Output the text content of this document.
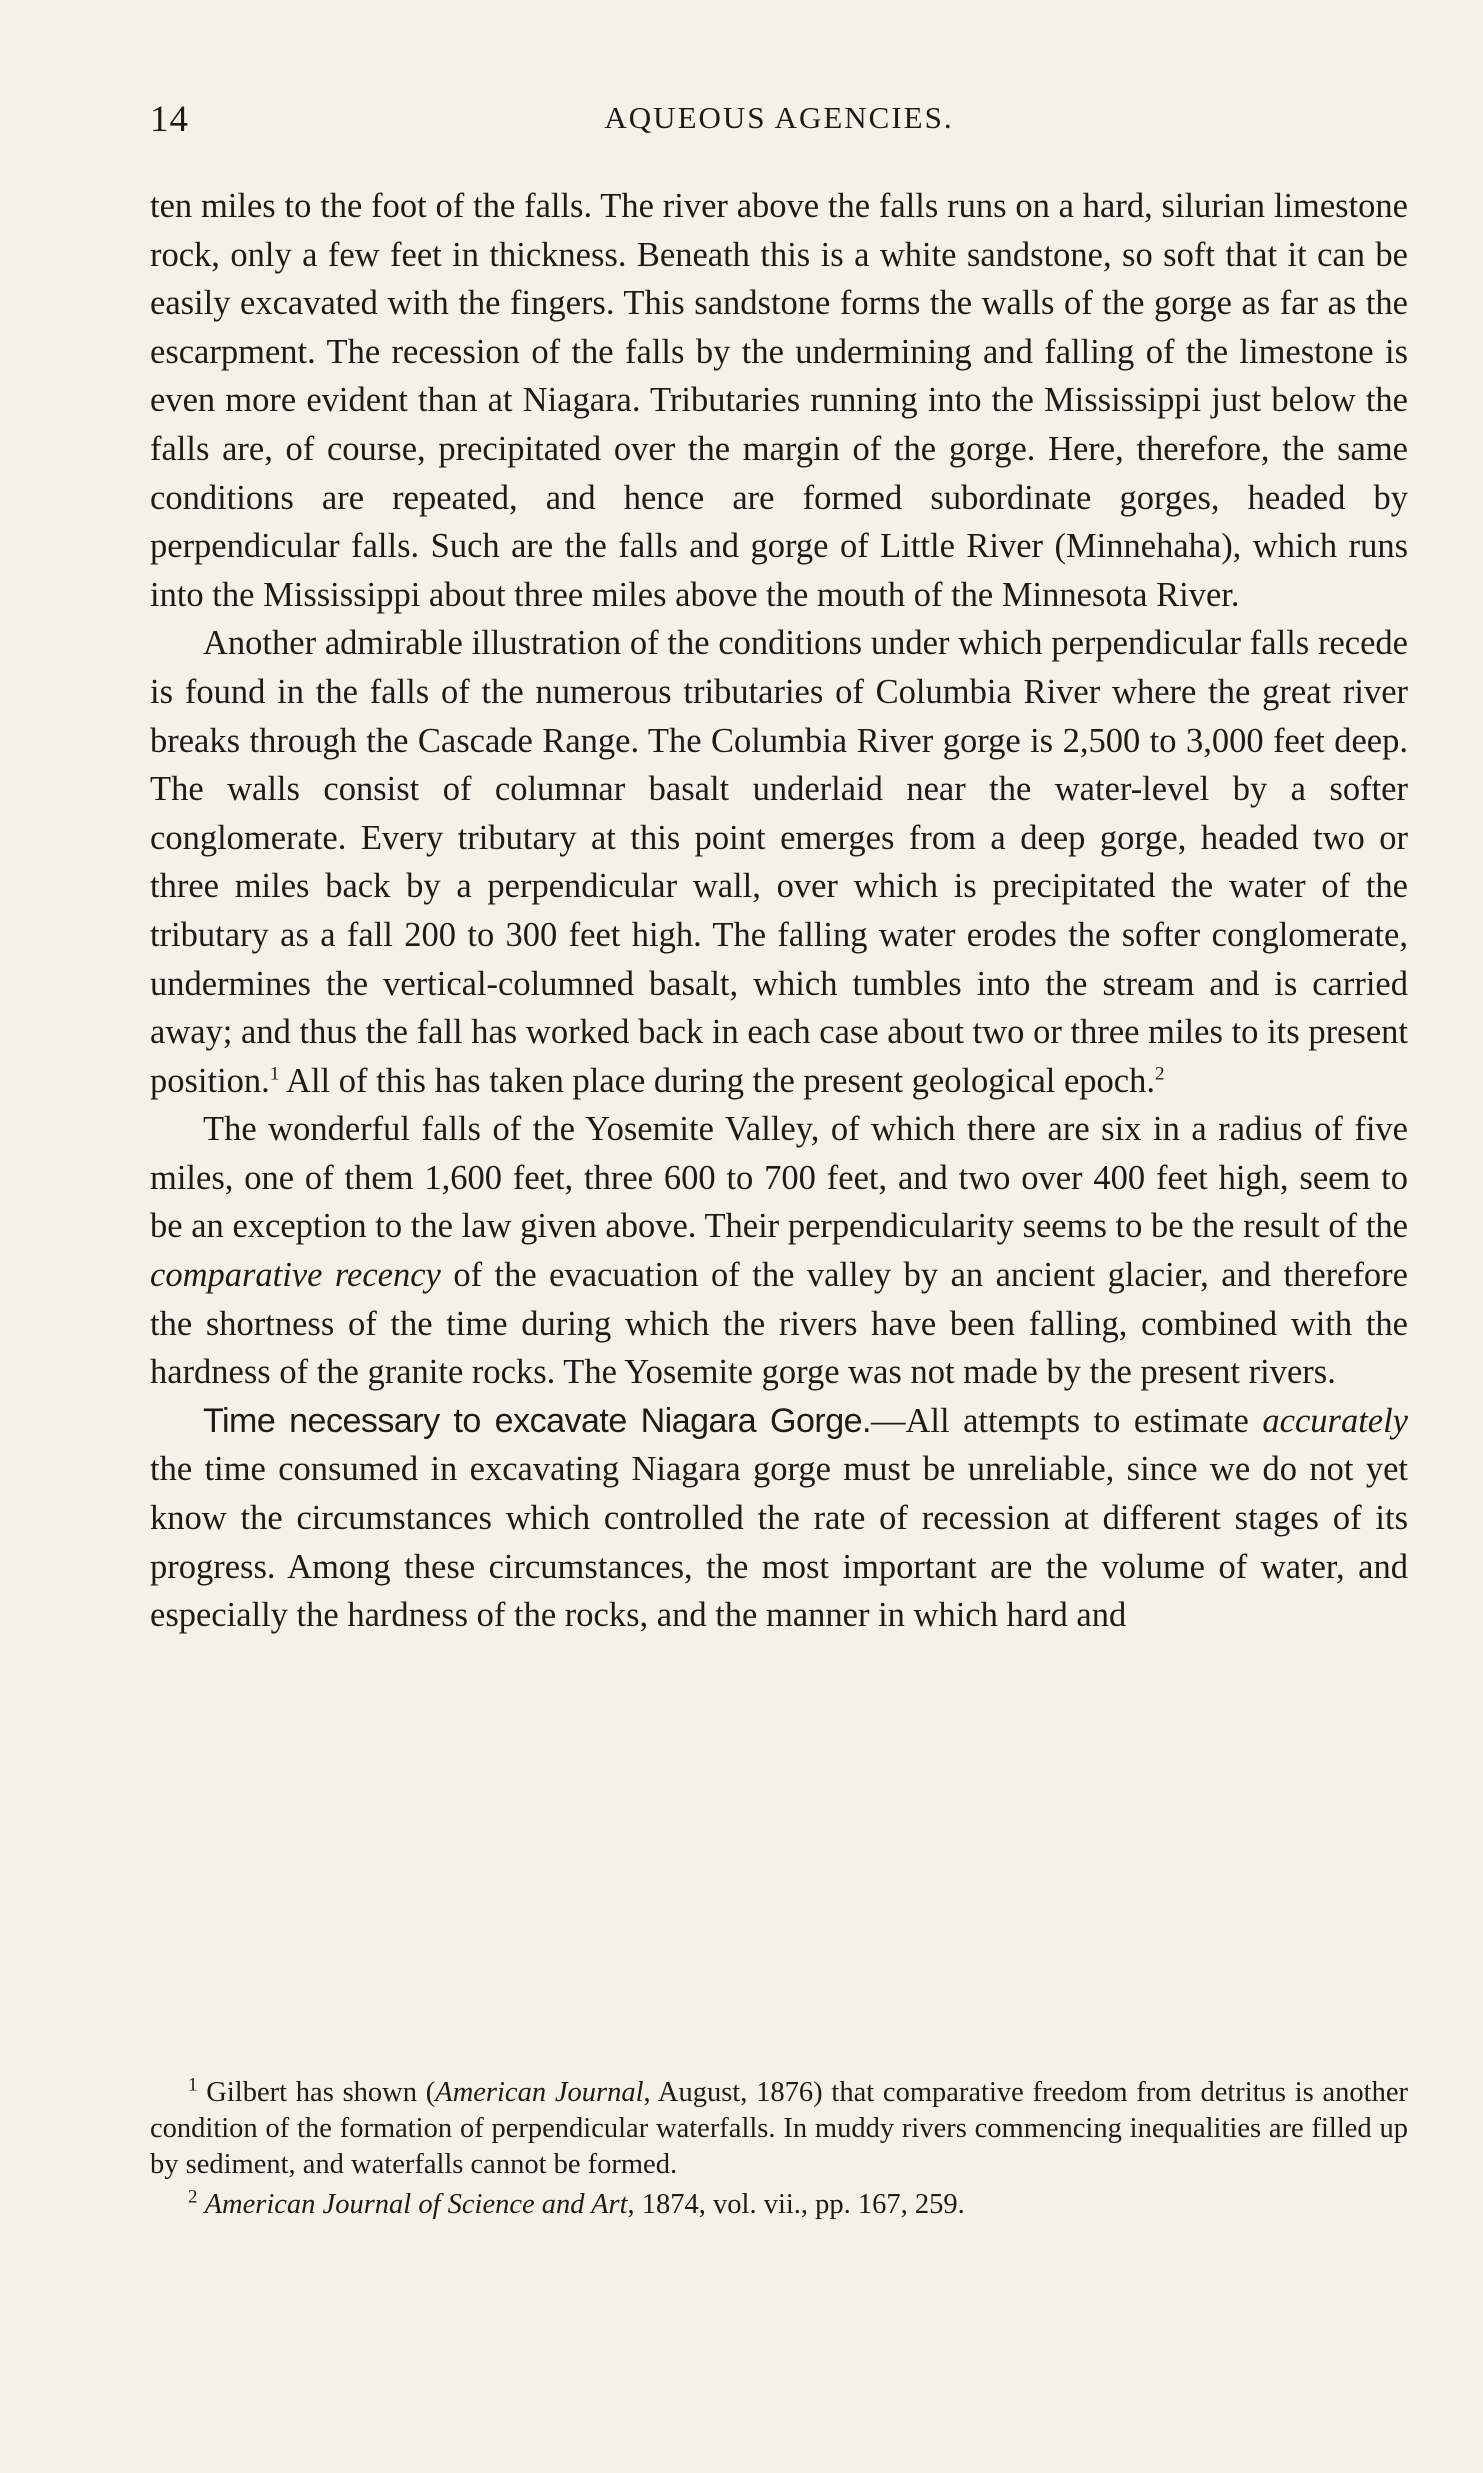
14	AQUEOUS AGENCIES.

ten miles to the foot of the falls. The river above the falls runs on a hard, silurian limestone rock, only a few feet in thickness. Beneath this is a white sandstone, so soft that it can be easily excavated with the fingers. This sandstone forms the walls of the gorge as far as the escarpment. The recession of the falls by the undermining and falling of the limestone is even more evident than at Niagara. Tributaries running into the Mississippi just below the falls are, of course, precipitated over the margin of the gorge. Here, therefore, the same conditions are repeated, and hence are formed subordinate gorges, headed by perpendicular falls. Such are the falls and gorge of Little River (Minnehaha), which runs into the Mississippi about three miles above the mouth of the Minnesota River.

Another admirable illustration of the conditions under which perpendicular falls recede is found in the falls of the numerous tributaries of Columbia River where the great river breaks through the Cascade Range. The Columbia River gorge is 2,500 to 3,000 feet deep. The walls consist of columnar basalt underlaid near the water-level by a softer conglomerate. Every tributary at this point emerges from a deep gorge, headed two or three miles back by a perpendicular wall, over which is precipitated the water of the tributary as a fall 200 to 300 feet high. The falling water erodes the softer conglomerate, undermines the vertical-columned basalt, which tumbles into the stream and is carried away; and thus the fall has worked back in each case about two or three miles to its present position.$^1$ All of this has taken place during the present geological epoch.$^2$

The wonderful falls of the Yosemite Valley, of which there are six in a radius of five miles, one of them 1,600 feet, three 600 to 700 feet, and two over 400 feet high, seem to be an exception to the law given above. Their perpendicularity seems to be the result of the comparative recency of the evacuation of the valley by an ancient glacier, and therefore the shortness of the time during which the rivers have been falling, combined with the hardness of the granite rocks. The Yosemite gorge was not made by the present rivers.

Time necessary to excavate Niagara Gorge.—All attempts to estimate accurately the time consumed in excavating Niagara gorge must be unreliable, since we do not yet know the circumstances which controlled the rate of recession at different stages of its progress. Among these circumstances, the most important are the volume of water, and especially the hardness of the rocks, and the manner in which hard and

$^1$ Gilbert has shown (American Journal, August, 1876) that comparative freedom from detritus is another condition of the formation of perpendicular waterfalls. In muddy rivers commencing inequalities are filled up by sediment, and waterfalls cannot be formed.

$^2$ American Journal of Science and Art, 1874, vol. vii., pp. 167, 259.
